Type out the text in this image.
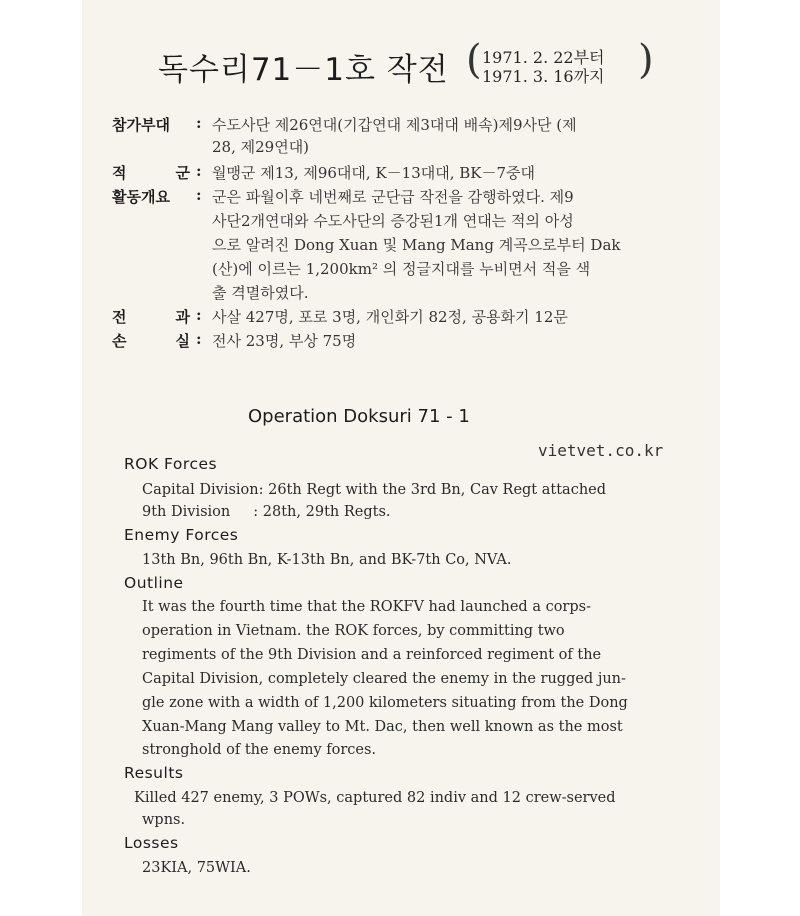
독수리71－1호 작전 ( 1971. 2. 22부터
1971. 3. 16까지 )
참가부대	: 수도사단 제26연대(기갑연대 제3대대 배속)제9사단 (제
28, 제29연대)
적	군 : 월맹군 제13, 제96대대, K－13대대, BK－7중대
활동개요	: 군은 파월이후 네번째로 군단급 작전을 감행하였다. 제9
사단2개연대와 수도사단의 증강된1개 연대는 적의 아성
으로 알려진 Dong Xuan 및 Mang Mang 계곡으로부터 Dak
(산)에 이르는 1,200km² 의 정글지대를 누비면서 적을 색
출 격멸하였다.
전	과 : 사살 427명, 포로 3명, 개인화기 82정, 공용화기 12문
손	실 : 전사 23명, 부상 75명
Operation Doksuri 71 - 1
vietvet.co.kr
ROK Forces
Capital Division: 26th Regt with the 3rd Bn, Cav Regt attached
9th Division     : 28th, 29th Regts.
Enemy Forces
13th Bn, 96th Bn, K-13th Bn, and BK-7th Co, NVA.
Outline
It was the fourth time that the ROKFV had launched a corps-
operation in Vietnam. the ROK forces, by committing two
regiments of the 9th Division and a reinforced regiment of the
Capital Division, completely cleared the enemy in the rugged jun-
gle zone with a width of 1,200 kilometers situating from the Dong
Xuan-Mang Mang valley to Mt. Dac, then well known as the most
stronghold of the enemy forces.
Results
Killed 427 enemy, 3 POWs, captured 82 indiv and 12 crew-served
wpns.
Losses
23KIA, 75WIA.
